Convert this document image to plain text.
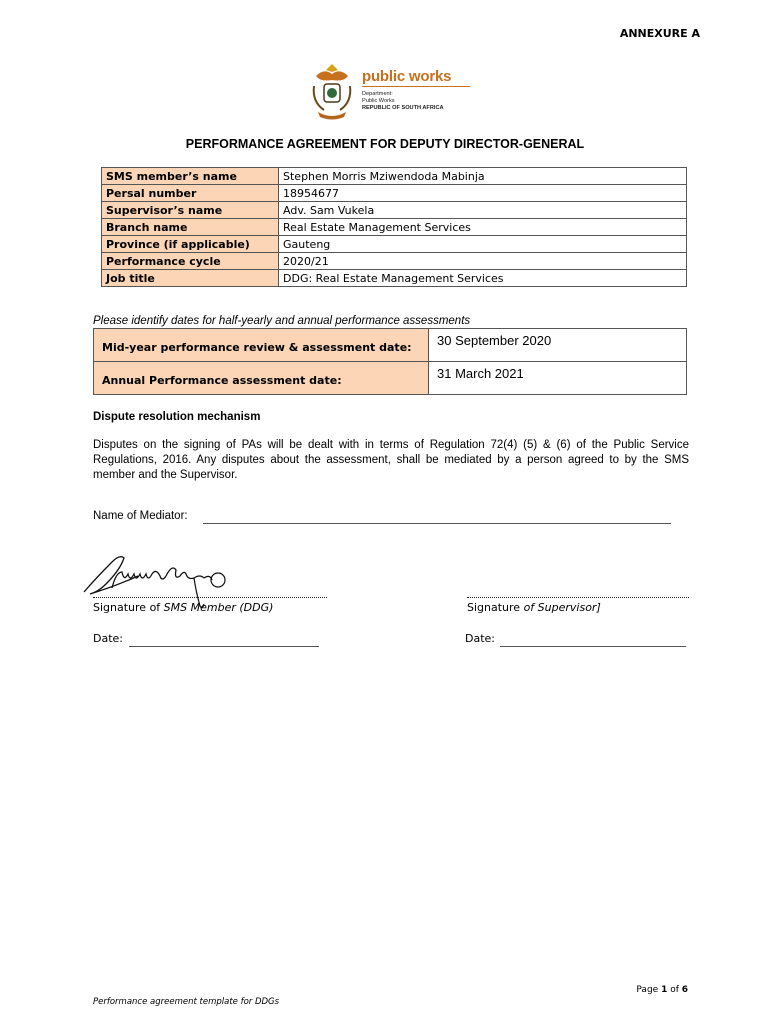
ANNEXURE A
public works
Department:
Public Works
REPUBLIC OF SOUTH AFRICA
PERFORMANCE AGREEMENT FOR DEPUTY DIRECTOR-GENERAL
SMS member’s name	Stephen Morris Mziwendoda Mabinja
Persal number	18954677
Supervisor’s name	Adv. Sam Vukela
Branch name	Real Estate Management Services
Province (if applicable)	Gauteng
Performance cycle	2020/21
Job title	DDG: Real Estate Management Services
Please identify dates for half-yearly and annual performance assessments
Mid-year performance review & assessment date:	30 September 2020
Annual Performance assessment date:	31 March 2021
Dispute resolution mechanism
Disputes on the signing of PAs will be dealt with in terms of Regulation 72(4) (5) & (6) of the Public Service Regulations, 2016. Any disputes about the assessment, shall be mediated by a person agreed to by the SMS member and the Supervisor.
Name of Mediator:
Signature of SMS Member (DDG)	Signature of Supervisor]
Date:	Date:
Page 1 of 6
Performance agreement template for DDGs
